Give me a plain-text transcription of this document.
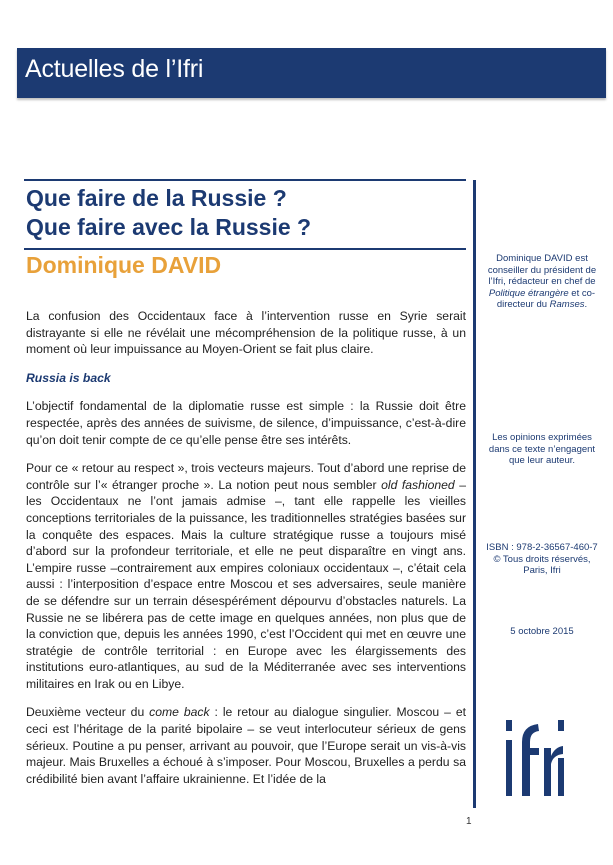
Actuelles de l’Ifri
Que faire de la Russie ?
Que faire avec la Russie ?
Dominique DAVID

La confusion des Occidentaux face à l’intervention russe en Syrie serait distrayante si elle ne révélait une mécompréhension de la politique russe, à un moment où leur impuissance au Moyen-Orient se fait plus claire.

Russia is back

L’objectif fondamental de la diplomatie russe est simple : la Russie doit être respectée, après des années de suivisme, de silence, d’impuissance, c’est-à-dire qu’on doit tenir compte de ce qu’elle pense être ses intérêts.

Pour ce « retour au respect », trois vecteurs majeurs. Tout d’abord une reprise de contrôle sur l’« étranger proche ». La notion peut nous sembler old fashioned – les Occidentaux ne l’ont jamais admise –, tant elle rappelle les vieilles conceptions territoriales de la puissance, les traditionnelles stratégies basées sur la conquête des espaces. Mais la culture stratégique russe a toujours misé d’abord sur la profondeur territoriale, et elle ne peut disparaître en vingt ans. L’empire russe –contrairement aux empires coloniaux occidentaux –, c’était cela aussi : l’interposition d’espace entre Moscou et ses adversaires, seule manière de se défendre sur un terrain désespérément dépourvu d’obstacles naturels. La Russie ne se libérera pas de cette image en quelques années, non plus que de la conviction que, depuis les années 1990, c’est l’Occident qui met en œuvre une stratégie de contrôle territorial : en Europe avec les élargissements des institutions euro-atlantiques, au sud de la Méditerranée avec ses interventions militaires en Irak ou en Libye.

Deuxième vecteur du come back : le retour au dialogue singulier. Moscou – et ceci est l’héritage de la parité bipolaire – se veut interlocuteur sérieux de gens sérieux. Poutine a pu penser, arrivant au pouvoir, que l’Europe serait un vis-à-vis majeur. Mais Bruxelles a échoué à s’imposer. Pour Moscou, Bruxelles a perdu sa crédibilité bien avant l’affaire ukrainienne. Et l’idée de la

Dominique DAVID est conseiller du président de l’Ifri, rédacteur en chef de Politique étrangère et co-directeur du Ramses.
Les opinions exprimées dans ce texte n’engagent que leur auteur.
ISBN : 978-2-36567-460-7
© Tous droits réservés, Paris, Ifri
5 octobre 2015
1
